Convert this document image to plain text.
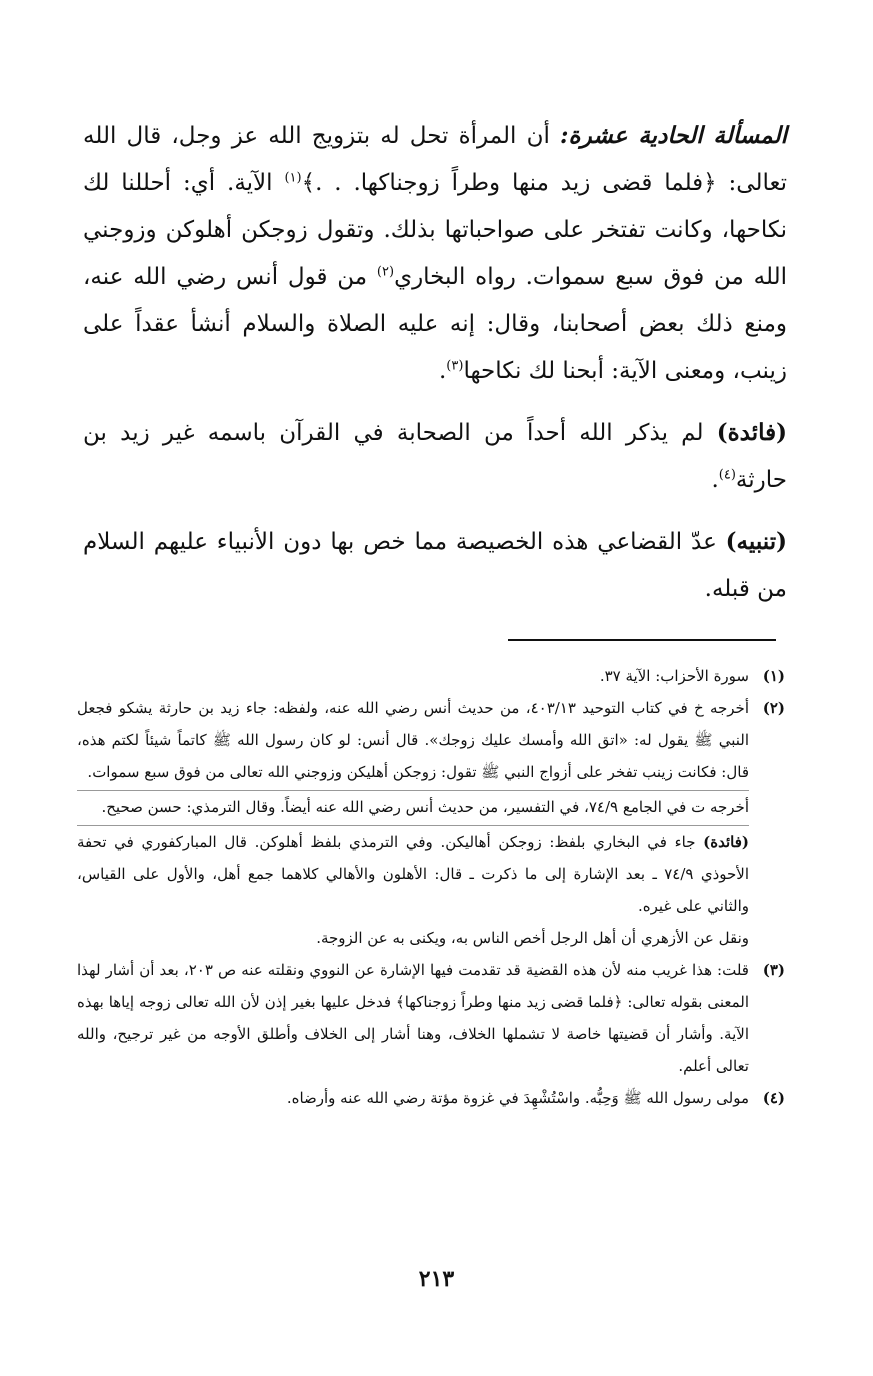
المسألة الحادية عشرة: أن المرأة تحل له بتزويج الله عز وجل، قال الله تعالى: ﴿فلما قضى زيد منها وطراً زوجناكها. . .﴾$^{(١)}$ الآية. أي: أحللنا لك نكاحها، وكانت تفتخر على صواحباتها بذلك. وتقول زوجكن أهلوكن وزوجني الله من فوق سبع سموات. رواه البخاري$^{(٢)}$ من قول أنس رضي الله عنه، ومنع ذلك بعض أصحابنا، وقال: إنه عليه الصلاة والسلام أنشأ عقداً على زينب، ومعنى الآية: أبحنا لك نكاحها$^{(٣)}$.

(فائدة) لم يذكر الله أحداً من الصحابة في القرآن باسمه غير زيد بن حارثة$^{(٤)}$.

(تنبيه) عدّ القضاعي هذه الخصيصة مما خص بها دون الأنبياء عليهم السلام من قبله.

(١)

سورة الأحزاب: الآية ٣٧.

(٢)

أخرجه خ في كتاب التوحيد ٤٠٣/١٣، من حديث أنس رضي الله عنه، ولفظه: جاء زيد بن حارثة يشكو فجعل النبي ﷺ يقول له: «اتق الله وأمسك عليك زوجك». قال أنس: لو كان رسول الله ﷺ كاتماً شيئاً لكتم هذه، قال: فكانت زينب تفخر على أزواج النبي ﷺ تقول: زوجكن أهليكن وزوجني الله تعالى من فوق سبع سموات.

أخرجه ت في الجامع ٧٤/٩، في التفسير، من حديث أنس رضي الله عنه أيضاً. وقال الترمذي: حسن صحيح.

(فائدة) جاء في البخاري بلفظ: زوجكن أهاليكن. وفي الترمذي بلفظ أهلوكن. قال المباركفوري في تحفة الأحوذي ٧٤/٩ ـ بعد الإشارة إلى ما ذكرت ـ قال: الأهلون والأهالي كلاهما جمع أهل، والأول على القياس، والثاني على غيره.

ونقل عن الأزهري أن أهل الرجل أخص الناس به، ويكنى به عن الزوجة.

(٣)

قلت: هذا غريب منه لأن هذه القضية قد تقدمت فيها الإشارة عن النووي ونقلته عنه ص ٢٠٣، بعد أن أشار لهذا المعنى بقوله تعالى: ﴿فلما قضى زيد منها وطراً زوجناكها﴾ فدخل عليها بغير إذن لأن الله تعالى زوجه إياها بهذه الآية. وأشار أن قضيتها خاصة لا تشملها الخلاف، وهنا أشار إلى الخلاف وأطلق الأوجه من غير ترجيح، والله تعالى أعلم.

(٤)

مولى رسول الله ﷺ وَحِبُّه. واسْتُشْهِدَ في غزوة مؤتة رضي الله عنه وأرضاه.

٢١٣
